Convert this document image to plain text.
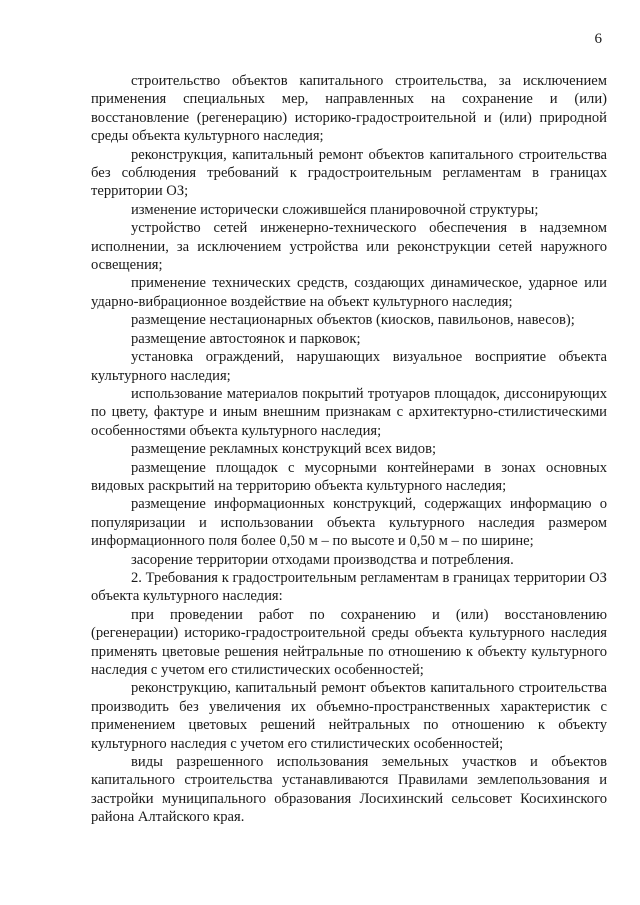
6

строительство объектов капитального строительства, за исключением применения специальных мер, направленных на сохранение и (или) восстановление (регенерацию) историко-градостроительной и (или) природной среды объекта культурного наследия;

реконструкция, капитальный ремонт объектов капитального строительства без соблюдения требований к градостроительным регламентам в границах территории ОЗ;

изменение исторически сложившейся планировочной структуры;

устройство сетей инженерно-технического обеспечения в надземном исполнении, за исключением устройства или реконструкции сетей наружного освещения;

применение технических средств, создающих динамическое, ударное или ударно-вибрационное воздействие на объект культурного наследия;

размещение нестационарных объектов (киосков, павильонов, навесов);

размещение автостоянок и парковок;

установка ограждений, нарушающих визуальное восприятие объекта культурного наследия;

использование материалов покрытий тротуаров площадок, диссонирующих по цвету, фактуре и иным внешним признакам с архитектурно-стилистическими особенностями объекта культурного наследия;

размещение рекламных конструкций всех видов;

размещение площадок с мусорными контейнерами в зонах основных видовых раскрытий на территорию объекта культурного наследия;

размещение информационных конструкций, содержащих информацию о популяризации и использовании объекта культурного наследия размером информационного поля более 0,50 м – по высоте и 0,50 м – по ширине;

засорение территории отходами производства и потребления.

2. Требования к градостроительным регламентам в границах территории ОЗ объекта культурного наследия:

при проведении работ по сохранению и (или) восстановлению (регенерации) историко-градостроительной среды объекта культурного наследия применять цветовые решения нейтральные по отношению к объекту культурного наследия с учетом его стилистических особенностей;

реконструкцию, капитальный ремонт объектов капитального строительства производить без увеличения их объемно-пространственных характеристик с применением цветовых решений нейтральных по отношению к объекту культурного наследия с учетом его стилистических особенностей;

виды разрешенного использования земельных участков и объектов капитального строительства устанавливаются Правилами землепользования и застройки муниципального образования Лосихинский сельсовет Косихинского района Алтайского края.
